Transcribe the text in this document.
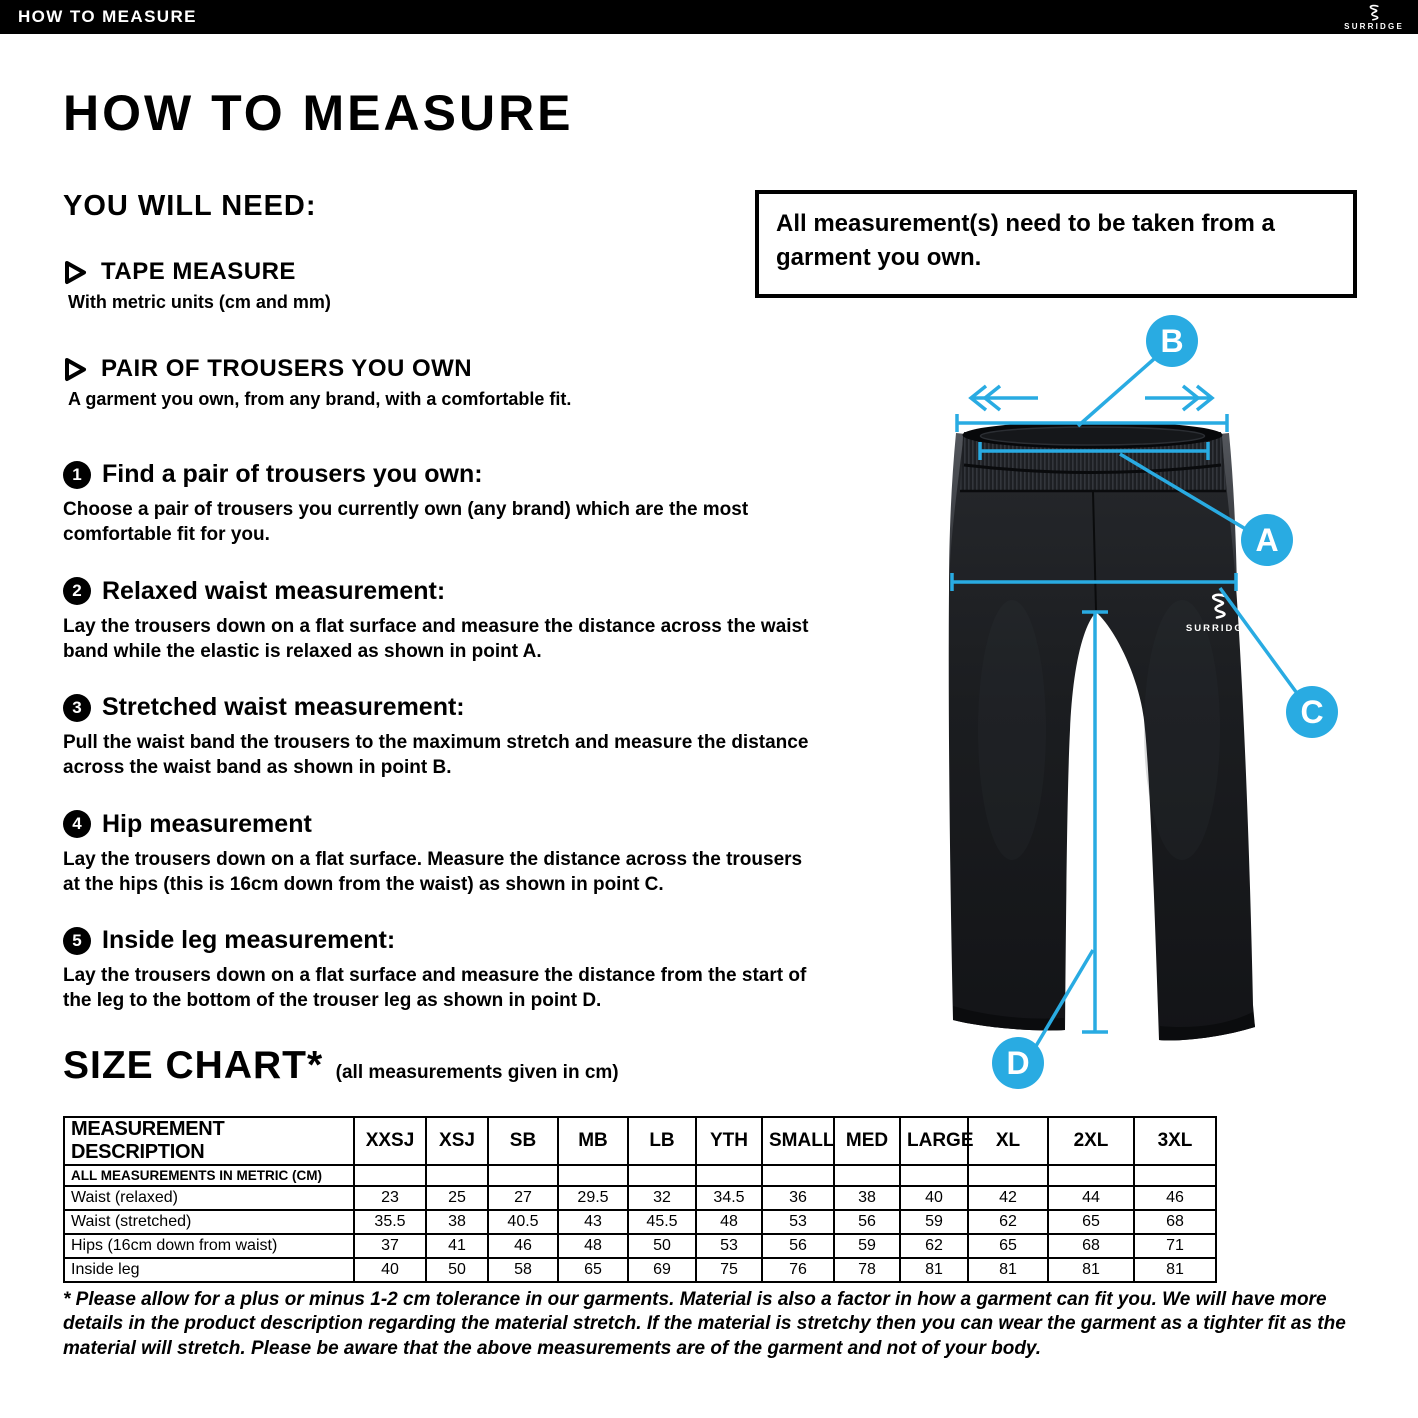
HOW TO MEASURE	SURRIDGE
HOW TO MEASURE
YOU WILL NEED:
TAPE MEASURE
With metric units (cm and mm)
PAIR OF TROUSERS YOU OWN
A garment you own, from any brand, with a comfortable fit.

All measurement(s) need to be taken from a garment you own.

1 Find a pair of trousers you own:
Choose a pair of trousers you currently own (any brand) which are the most comfortable fit for you.
2 Relaxed waist measurement:
Lay the trousers down on a flat surface and measure the distance across the waist band while the elastic is relaxed as shown in point A.
3 Stretched waist measurement:
Pull the waist band the trousers to the maximum stretch and measure the distance across the waist band as shown in point B.
4 Hip measurement
Lay the trousers down on a flat surface. Measure the distance across the trousers at the hips (this is 16cm down from the waist) as shown in point C.
5 Inside leg measurement:
Lay the trousers down on a flat surface and measure the distance from the start of the leg to the bottom of the trouser leg as shown in point D.
SURRIDGE
B
A
C
D
SIZE CHART* (all measurements given in cm)
MEASUREMENT DESCRIPTION	XXSJ	XSJ	SB	MB	LB	YTH	SMALL	MED	LARGE	XL	2XL	3XL
ALL MEASUREMENTS IN METRIC (CM)												
Waist (relaxed)	23	25	27	29.5	32	34.5	36	38	40	42	44	46
Waist (stretched)	35.5	38	40.5	43	45.5	48	53	56	59	62	65	68
Hips (16cm down from waist)	37	41	46	48	50	53	56	59	62	65	68	71
Inside leg	40	50	58	65	69	75	76	78	81	81	81	81

* Please allow for a plus or minus 1-2 cm tolerance in our garments. Material is also a factor in how a garment can fit you. We will have more details in the product description regarding the material stretch. If the material is stretchy then you can wear the garment as a tighter fit as the material will stretch. Please be aware that the above measurements are of the garment and not of your body.
